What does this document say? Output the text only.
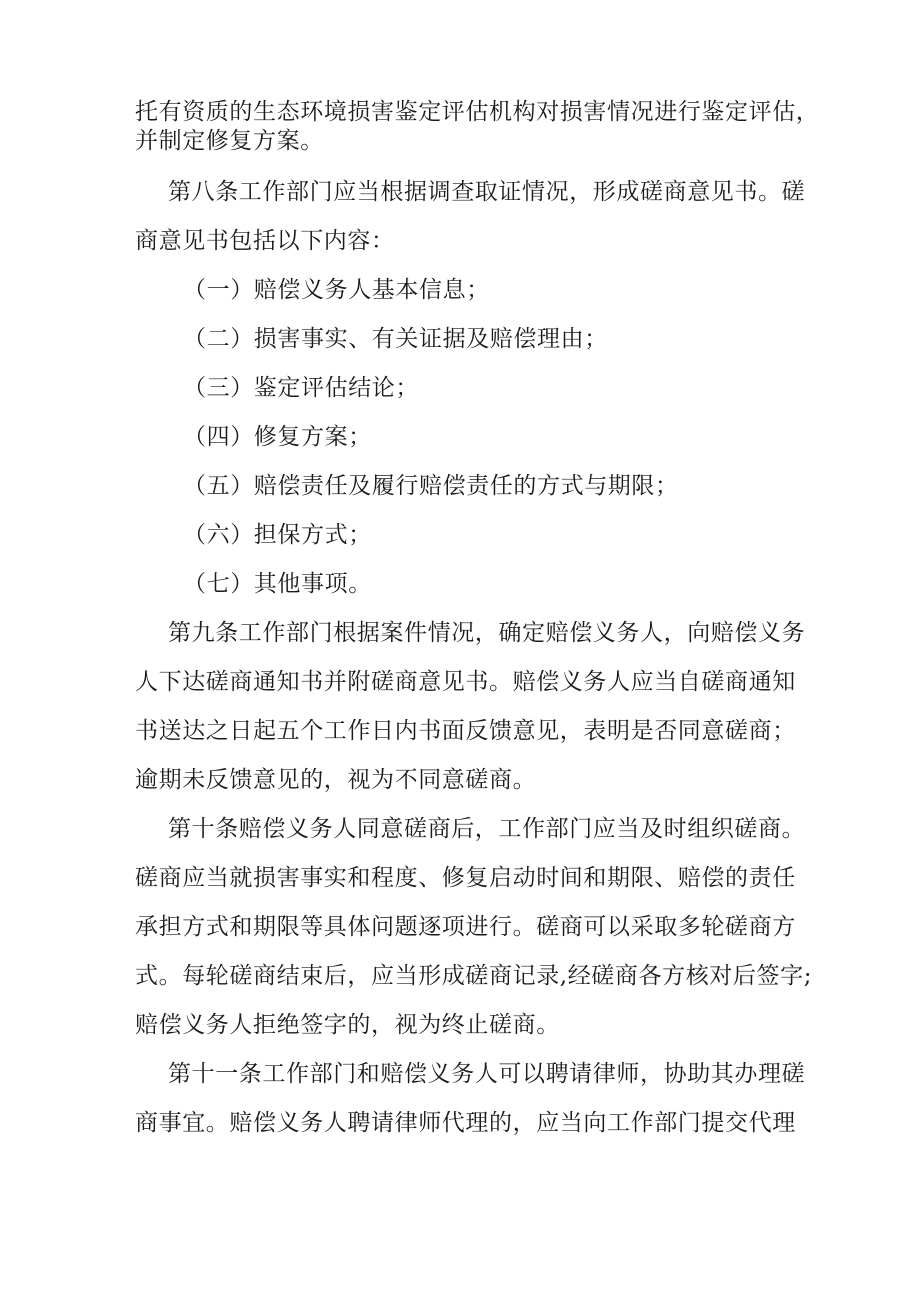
托有资质的生态环境损害鉴定评估机构对损害情况进行鉴定评估，
并制定修复方案。
第八条工作部门应当根据调查取证情况，形成磋商意见书。磋
商意见书包括以下内容：
（一）赔偿义务人基本信息；
（二）损害事实、有关证据及赔偿理由；
（三）鉴定评估结论；
（四）修复方案；
（五）赔偿责任及履行赔偿责任的方式与期限；
（六）担保方式；
（七）其他事项。
第九条工作部门根据案件情况，确定赔偿义务人，向赔偿义务
人下达磋商通知书并附磋商意见书。赔偿义务人应当自磋商通知
书送达之日起五个工作日内书面反馈意见，表明是否同意磋商；
逾期未反馈意见的，视为不同意磋商。
第十条赔偿义务人同意磋商后，工作部门应当及时组织磋商。
磋商应当就损害事实和程度、修复启动时间和期限、赔偿的责任
承担方式和期限等具体问题逐项进行。磋商可以采取多轮磋商方
式。每轮磋商结束后，应当形成磋商记录,经磋商各方核对后签字;
赔偿义务人拒绝签字的，视为终止磋商。
第十一条工作部门和赔偿义务人可以聘请律师，协助其办理磋
商事宜。赔偿义务人聘请律师代理的，应当向工作部门提交代理
